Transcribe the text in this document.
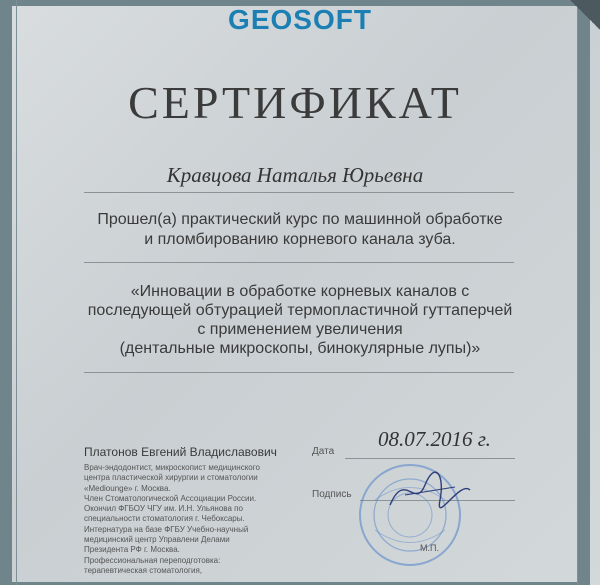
GEOSOFT
СЕРТИФИКАТ
Кравцова Наталья Юрьевна
Прошел(а) практический курс по машинной обработке
и пломбированию корневого канала зуба.
«Инновации в обработке корневых каналов с
последующей обтурацией термопластичной гуттаперчей
с применением увеличения
(дентальные микроскопы, бинокулярные лупы)»
Платонов Евгений Владиславович
Врач-эндодонтист, микроскопист медицинского
центра пластической хирургии и стоматологии
«Mediounge» г. Москва.
Член Стоматологической Ассоциации России.
Окончил ФГБОУ ЧГУ им. И.Н. Ульянова по
специальности стоматология г. Чебоксары.
Интернатура на базе ФГБУ Учебно-научный
медицинский центр Управлени Делами
Президента РФ г. Москва.
Профессиональная переподготовка:
терапевтическая стоматология,
Дата
08.07.2016 г.
Подпись
М.П.
